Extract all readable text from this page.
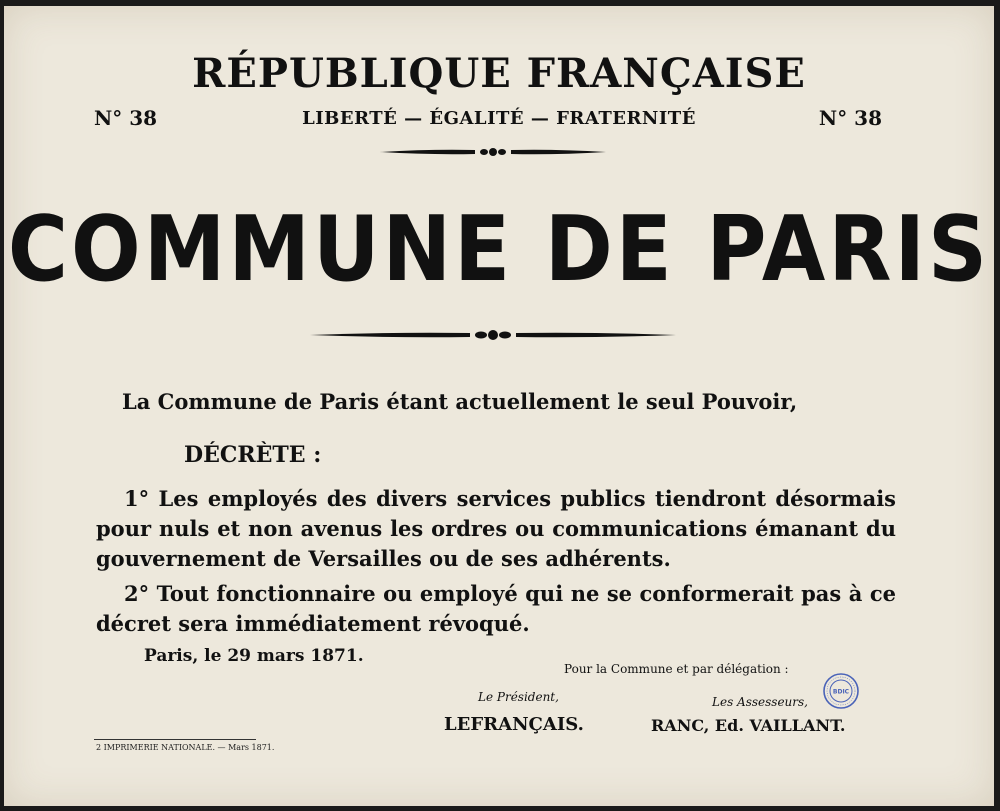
N° 38	N° 38
RÉPUBLIQUE FRANÇAISE
LIBERTÉ — ÉGALITÉ — FRATERNITÉ
COMMUNE DE PARIS
La Commune de Paris étant actuellement le seul Pouvoir,
DÉCRÈTE :
1° Les employés des divers services publics tiendront désormais pour nuls et non avenus les ordres ou communications émanant du gouvernement de Versailles ou de ses adhérents.
2° Tout fonctionnaire ou employé qui ne se conformerait pas à ce décret sera immédiatement révoqué.
Paris, le 29 mars 1871.
Pour la Commune et par délégation :
Le Président,	Les Assesseurs,
LEFRANÇAIS.	RANC, Ed. VAILLANT.
2 IMPRIMERIE NATIONALE. — Mars 1871.
BDIC
